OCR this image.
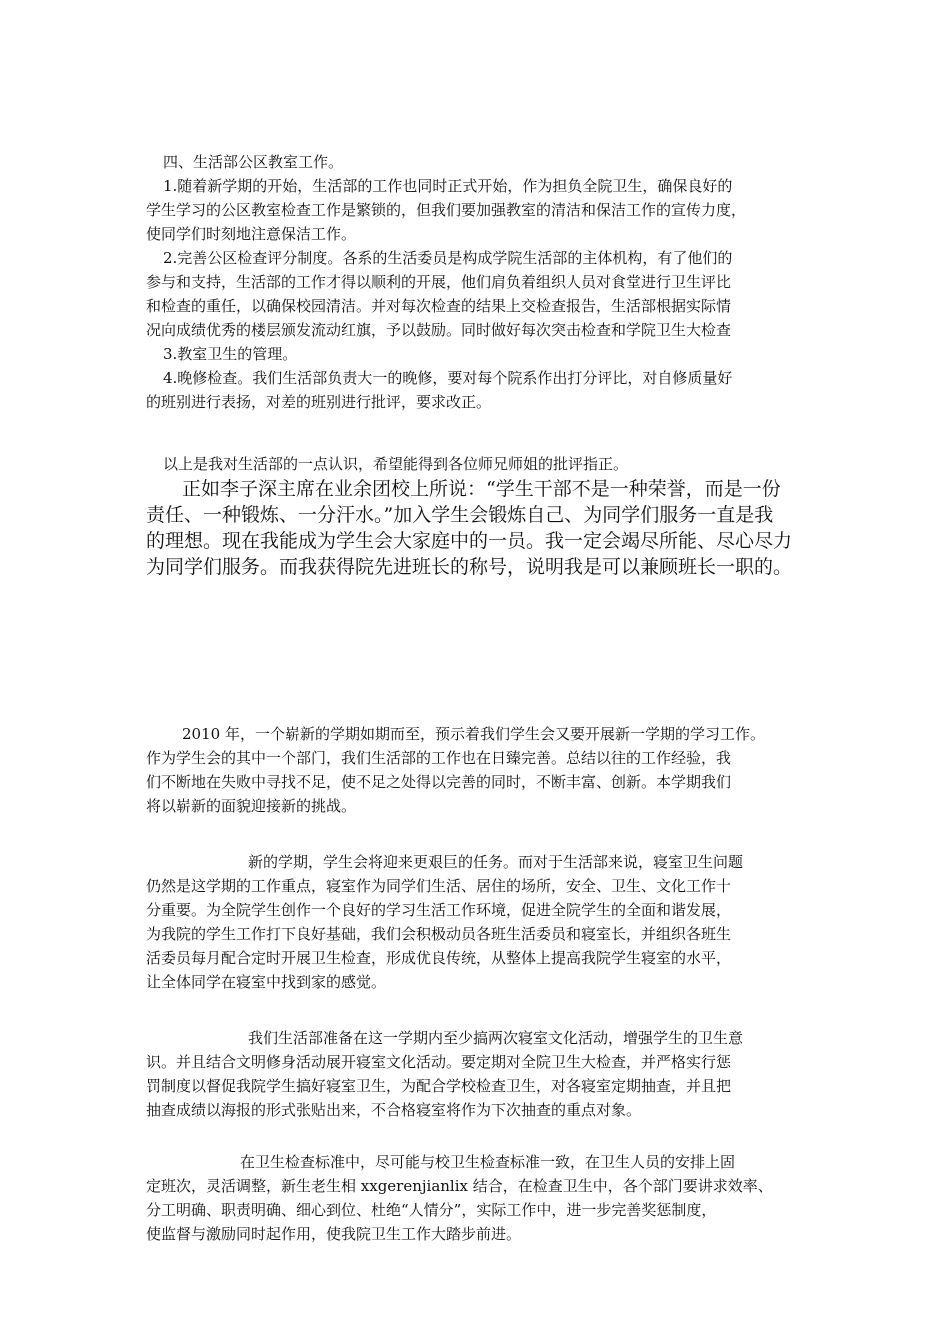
四、生活部公区教室工作。
1.随着新学期的开始，生活部的工作也同时正式开始，作为担负全院卫生，确保良好的
学生学习的公区教室检查工作是繁锁的，但我们要加强教室的清洁和保洁工作的宣传力度，
使同学们时刻地注意保洁工作。
2.完善公区检查评分制度。各系的生活委员是构成学院生活部的主体机构，有了他们的
参与和支持，生活部的工作才得以顺利的开展，他们肩负着组织人员对食堂进行卫生评比
和检查的重任，以确保校园清洁。并对每次检查的结果上交检查报告，生活部根据实际情
况向成绩优秀的楼层颁发流动红旗，予以鼓励。同时做好每次突击检查和学院卫生大检查
3.教室卫生的管理。
4.晚修检查。我们生活部负责大一的晚修，要对每个院系作出打分评比，对自修质量好
的班别进行表扬，对差的班别进行批评，要求改正。
以上是我对生活部的一点认识，希望能得到各位师兄师姐的批评指正。
正如李子深主席在业余团校上所说：“学生干部不是一种荣誉，而是一份
责任、一种锻炼、一分汗水。”加入学生会锻炼自己、为同学们服务一直是我
的理想。现在我能成为学生会大家庭中的一员。我一定会竭尽所能、尽心尽力
为同学们服务。而我获得院先进班长的称号，说明我是可以兼顾班长一职的。
2010 年，一个崭新的学期如期而至，预示着我们学生会又要开展新一学期的学习工作。
作为学生会的其中一个部门，我们生活部的工作也在日臻完善。总结以往的工作经验，我
们不断地在失败中寻找不足，使不足之处得以完善的同时，不断丰富、创新。本学期我们
将以崭新的面貌迎接新的挑战。
新的学期，学生会将迎来更艰巨的任务。而对于生活部来说，寝室卫生问题
仍然是这学期的工作重点，寝室作为同学们生活、居住的场所，安全、卫生、文化工作十
分重要。为全院学生创作一个良好的学习生活工作环境，促进全院学生的全面和谐发展，
为我院的学生工作打下良好基础，我们会积极动员各班生活委员和寝室长，并组织各班生
活委员每月配合定时开展卫生检查，形成优良传统，从整体上提高我院学生寝室的水平，
让全体同学在寝室中找到家的感觉。
我们生活部准备在这一学期内至少搞两次寝室文化活动，增强学生的卫生意
识。并且结合文明修身活动展开寝室文化活动。要定期对全院卫生大检查，并严格实行惩
罚制度以督促我院学生搞好寝室卫生，为配合学校检查卫生，对各寝室定期抽查，并且把
抽查成绩以海报的形式张贴出来，不合格寝室将作为下次抽查的重点对象。
在卫生检查标准中，尽可能与校卫生检查标准一致，在卫生人员的安排上固
定班次，灵活调整，新生老生相 xxgerenjianlix 结合，在检查卫生中，各个部门要讲求效率、
分工明确、职责明确、细心到位、杜绝“人情分”，实际工作中，进一步完善奖惩制度，
使监督与激励同时起作用，使我院卫生工作大踏步前进。
